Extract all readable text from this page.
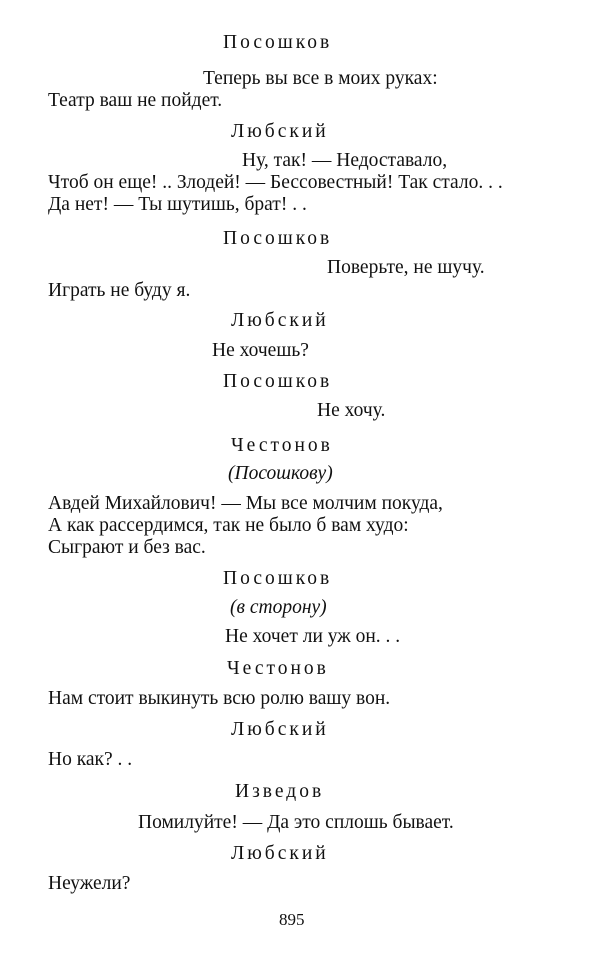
Посошков
Теперь вы все в моих руках:
Театр ваш не пойдет.
Любский
Ну, так! — Недоставало,
Чтоб он еще! .. Злодей! — Бессовестный! Так стало. . .
Да нет! — Ты шутишь, брат! . .
Посошков
Поверьте, не шучу.
Играть не буду я.
Любский
Не хочешь?
Посошков
Не хочу.
Честонов
(Посошкову)
Авдей Михайлович! — Мы все молчим покуда,
А как рассердимся, так не было б вам худо:
Сыграют и без вас.
Посошков
(в сторону)
Не хочет ли уж он. . .
Честонов
Нам стоит выкинуть всю ролю вашу вон.
Любский
Но как? . .
Изведов
Помилуйте! — Да это сплошь бывает.
Любский
Неужели?
895
